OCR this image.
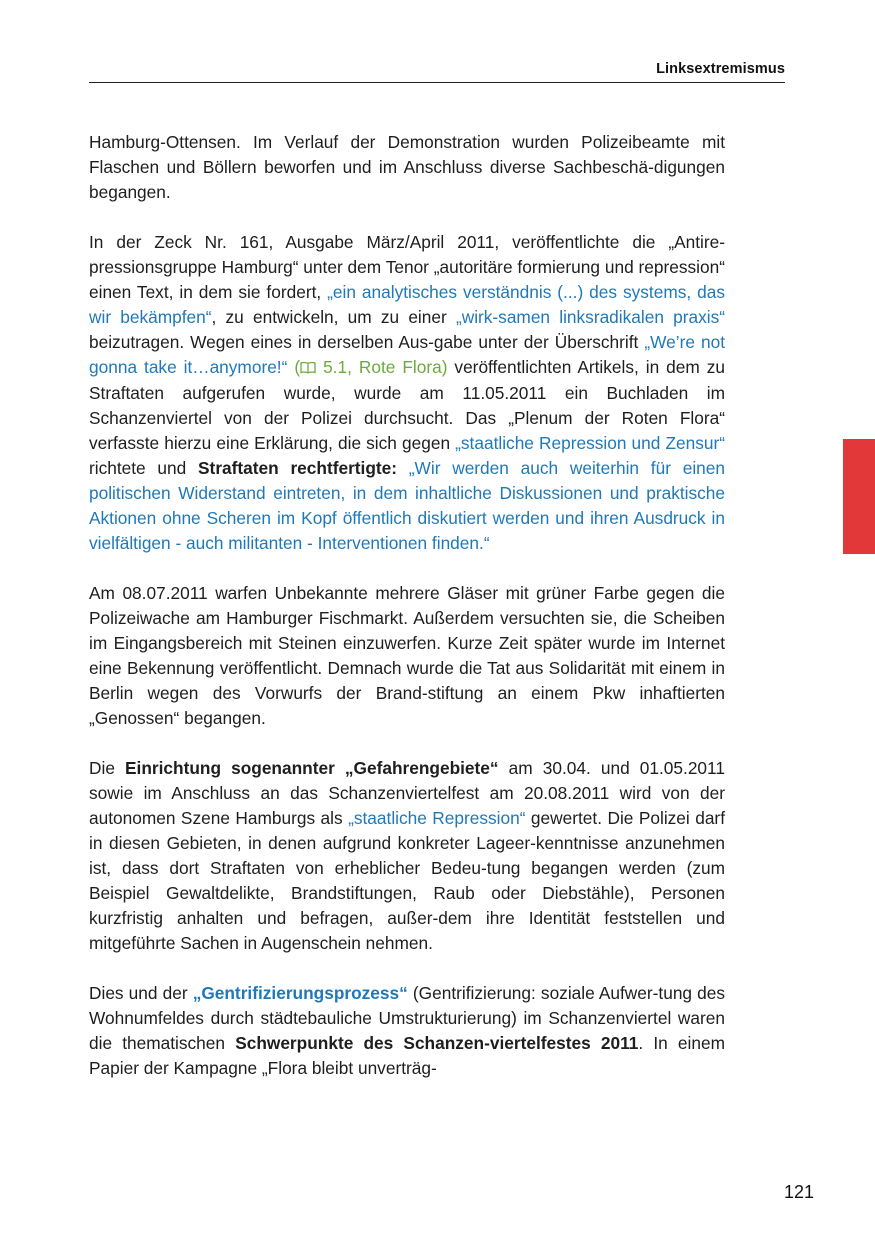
Linksextremismus

Hamburg-Ottensen. Im Verlauf der Demonstration wurden Polizeibeamte mit Flaschen und Böllern beworfen und im Anschluss diverse Sachbeschä-digungen begangen.

In der Zeck Nr. 161, Ausgabe März/April 2011, veröffentlichte die „Antire-pressionsgruppe Hamburg“ unter dem Tenor „autoritäre formierung und repression“ einen Text, in dem sie fordert, „ein analytisches verständnis (...) des systems, das wir bekämpfen“, zu entwickeln, um zu einer „wirk-samen linksradikalen praxis“ beizutragen. Wegen eines in derselben Aus-gabe unter der Überschrift „We’re not gonna take it…anymore!“ ( 5.1, Rote Flora) veröffentlichten Artikels, in dem zu Straftaten aufgerufen wurde, wurde am 11.05.2011 ein Buchladen im Schanzenviertel von der Polizei durchsucht. Das „Plenum der Roten Flora“ verfasste hierzu eine Erklärung, die sich gegen „staatliche Repression und Zensur“ richtete und Straftaten rechtfertigte: „Wir werden auch weiterhin für einen politischen Widerstand eintreten, in dem inhaltliche Diskussionen und praktische Aktionen ohne Scheren im Kopf öffentlich diskutiert werden und ihren Ausdruck in vielfältigen - auch militanten - Interventionen finden.“

Am 08.07.2011 warfen Unbekannte mehrere Gläser mit grüner Farbe gegen die Polizeiwache am Hamburger Fischmarkt. Außerdem versuchten sie, die Scheiben im Eingangsbereich mit Steinen einzuwerfen. Kurze Zeit später wurde im Internet eine Bekennung veröffentlicht. Demnach wurde die Tat aus Solidarität mit einem in Berlin wegen des Vorwurfs der Brand-stiftung an einem Pkw inhaftierten „Genossen“ begangen.

Die Einrichtung sogenannter „Gefahrengebiete“ am 30.04. und 01.05.2011 sowie im Anschluss an das Schanzenviertelfest am 20.08.2011 wird von der autonomen Szene Hamburgs als „staatliche Repression“ gewertet. Die Polizei darf in diesen Gebieten, in denen aufgrund konkreter Lageer-kenntnisse anzunehmen ist, dass dort Straftaten von erheblicher Bedeu-tung begangen werden (zum Beispiel Gewaltdelikte, Brandstiftungen, Raub oder Diebstähle), Personen kurzfristig anhalten und befragen, außer-dem ihre Identität feststellen und mitgeführte Sachen in Augenschein nehmen.

Dies und der „Gentrifizierungsprozess“ (Gentrifizierung: soziale Aufwer-tung des Wohnumfeldes durch städtebauliche Umstrukturierung) im Schanzenviertel waren die thematischen Schwerpunkte des Schanzen-viertelfestes 2011. In einem Papier der Kampagne „Flora bleibt unverträg-

121
